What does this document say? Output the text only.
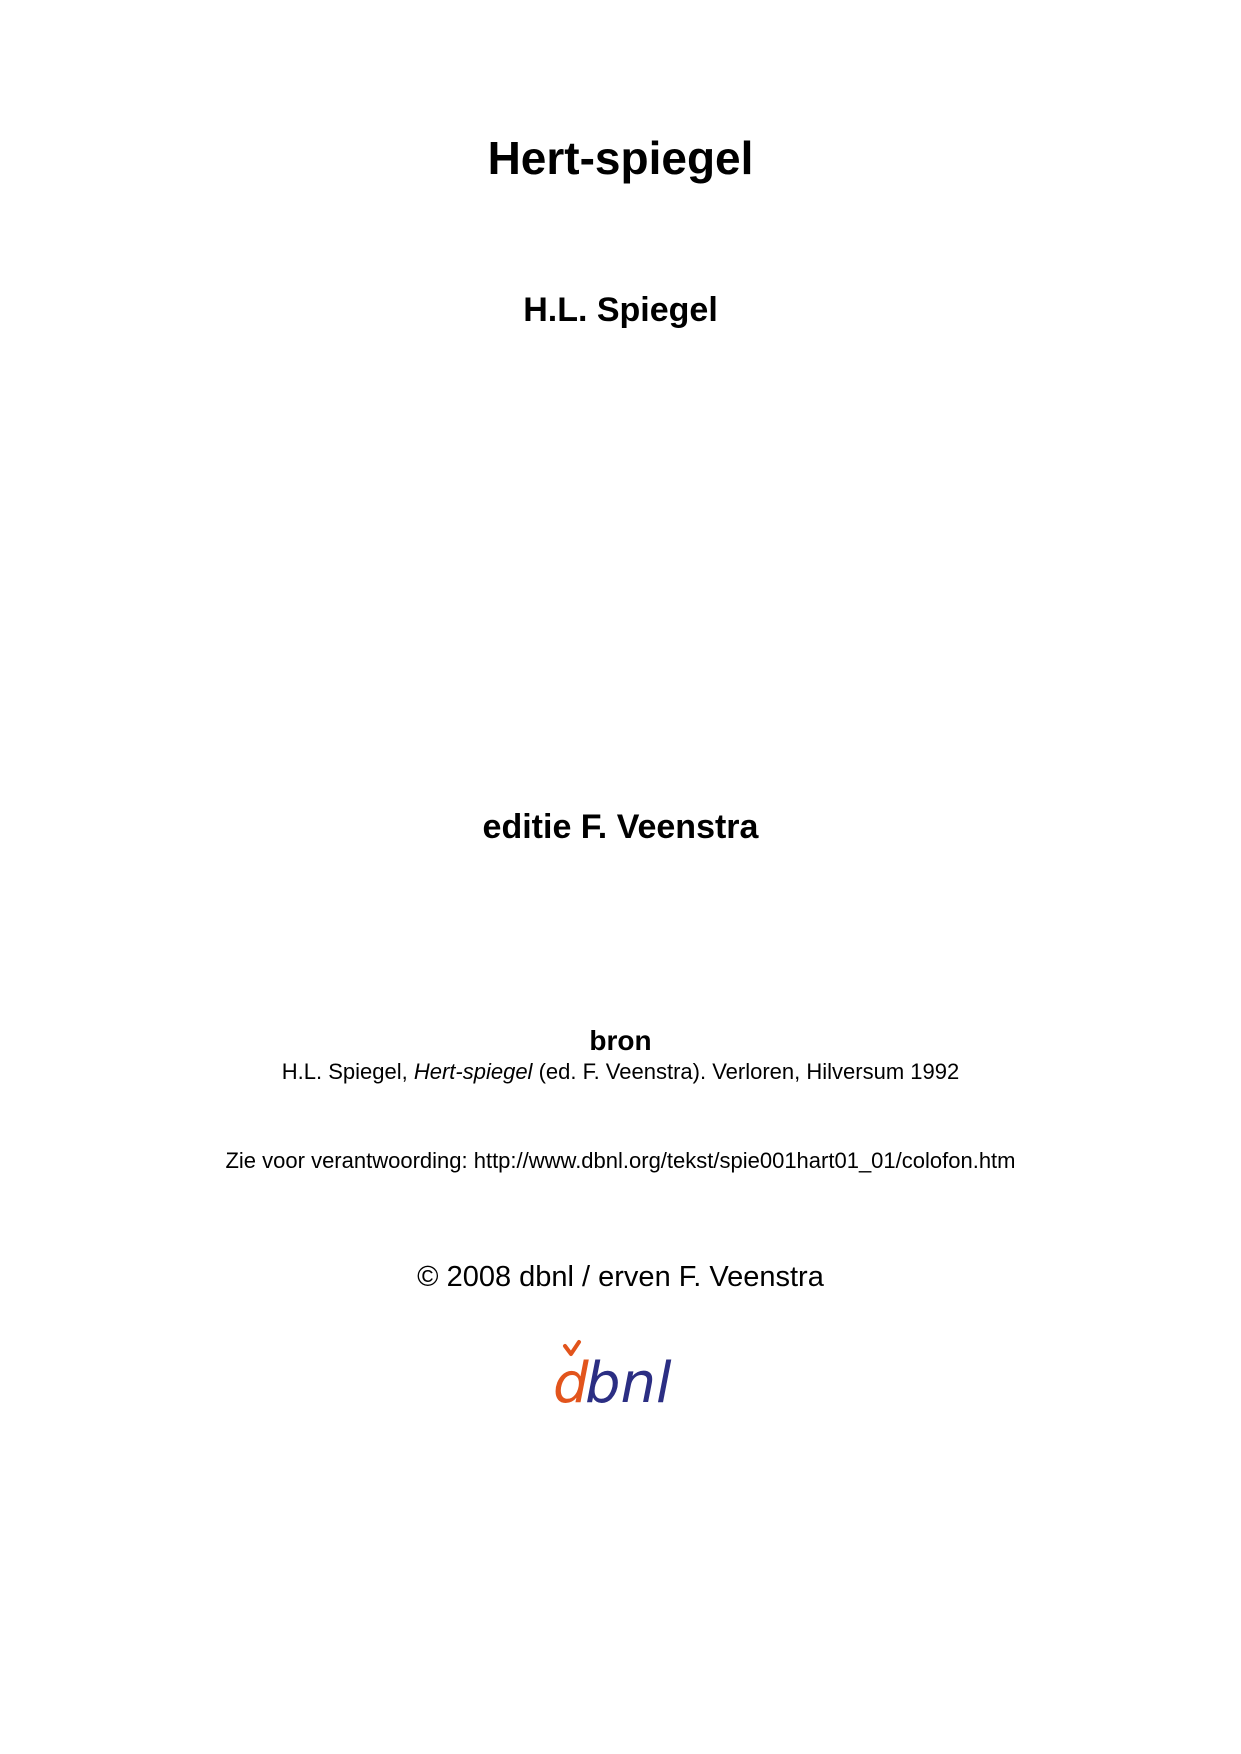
Hert-spiegel
H.L. Spiegel
editie F. Veenstra
bron
H.L. Spiegel, Hert-spiegel (ed. F. Veenstra). Verloren, Hilversum 1992
Zie voor verantwoording: http://www.dbnl.org/tekst/spie001hart01_01/colofon.htm
© 2008 dbnl / erven F. Veenstra
d
bnl
